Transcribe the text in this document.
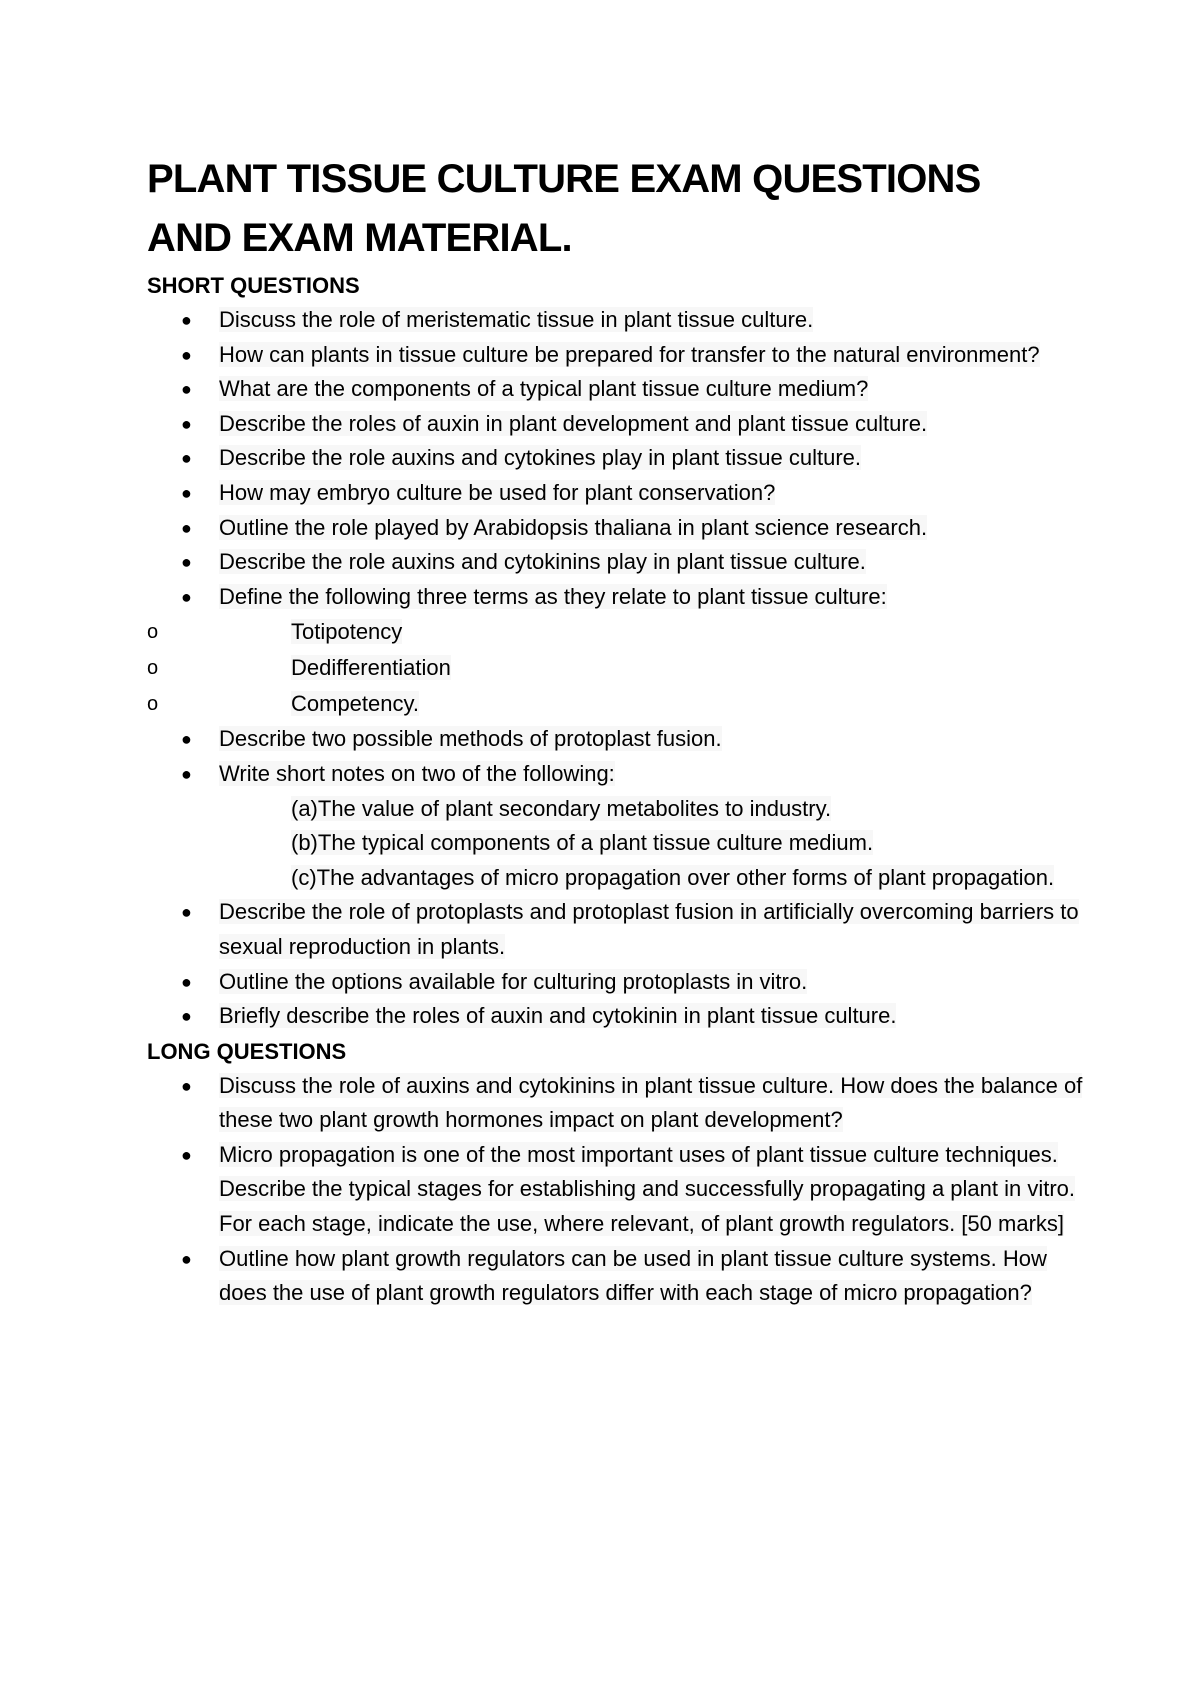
PLANT TISSUE CULTURE EXAM QUESTIONS
AND EXAM MATERIAL.
SHORT QUESTIONS
● Discuss the role of meristematic tissue in plant tissue culture.
● How can plants in tissue culture be prepared for transfer to the natural environment?
● What are the components of a typical plant tissue culture medium?
● Describe the roles of auxin in plant development and plant tissue culture.
● Describe the role auxins and cytokines play in plant tissue culture.
● How may embryo culture be used for plant conservation?
● Outline the role played by Arabidopsis thaliana in plant science research.
● Describe the role auxins and cytokinins play in plant tissue culture.
● Define the following three terms as they relate to plant tissue culture:
o	Totipotency
o	Dedifferentiation
o	Competency.
● Describe two possible methods of protoplast fusion.
● Write short notes on two of the following:

(a)The value of plant secondary metabolites to industry.

(b)The typical components of a plant tissue culture medium.

(c)The advantages of micro propagation over other forms of plant propagation.

● Describe the role of protoplasts and protoplast fusion in artificially overcoming barriers to sexual reproduction in plants.
● Outline the options available for culturing protoplasts in vitro.
● Briefly describe the roles of auxin and cytokinin in plant tissue culture.
LONG QUESTIONS
● Discuss the role of auxins and cytokinins in plant tissue culture. How does the balance of these two plant growth hormones impact on plant development?
● Micro propagation is one of the most important uses of plant tissue culture techniques. Describe the typical stages for establishing and successfully propagating a plant in vitro. For each stage, indicate the use, where relevant, of plant growth regulators. [50 marks]
● Outline how plant growth regulators can be used in plant tissue culture systems. How does the use of plant growth regulators differ with each stage of micro propagation?
